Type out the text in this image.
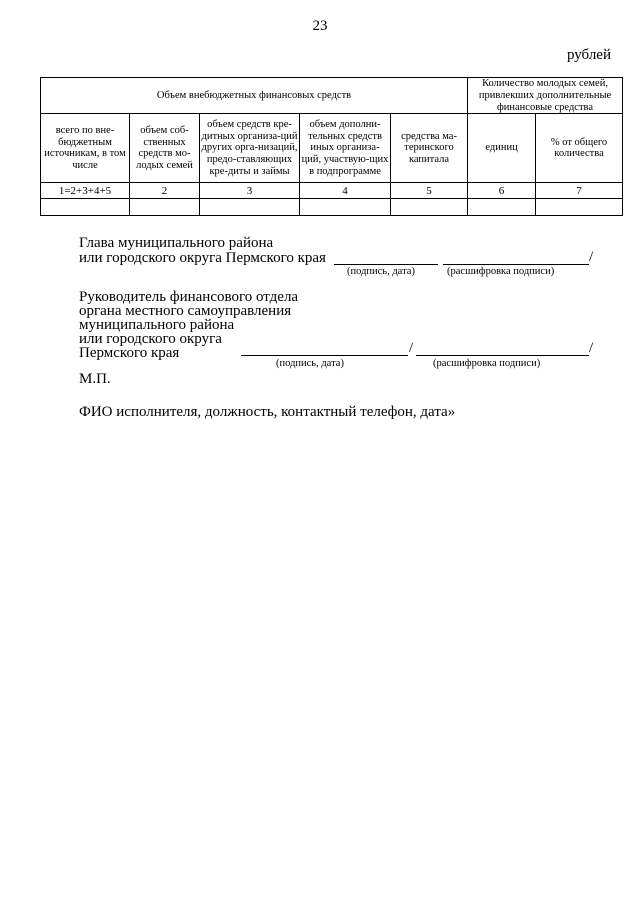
23
рублей
Объем внебюджетных финансовых средств					Количество молодых семей, привлекших дополнительные финансовые средства	
всего по вне-бюджетным источникам, в том числе	объем соб-ственных средств мо-лодых семей	объем средств кре-дитных организа-ций других орга-низаций, предо-ставляющих кре-диты и займы	объем дополни-тельных средств иных организа-ций, участвую-щих в подпрограмме	средства ма-теринского капитала	единиц	% от общего количества
1=2+3+4+5	2	3	4	5	6	7

Глава муниципального района
или городского округа Пермского края	/
(подпись, дата)	(расшифровка подписи)
Руководитель финансового отдела
органа местного самоуправления
муниципального района
или городского округа
Пермского края	/	/
(подпись, дата)	(расшифровка подписи)
М.П.
ФИО исполнителя, должность, контактный телефон, дата»
